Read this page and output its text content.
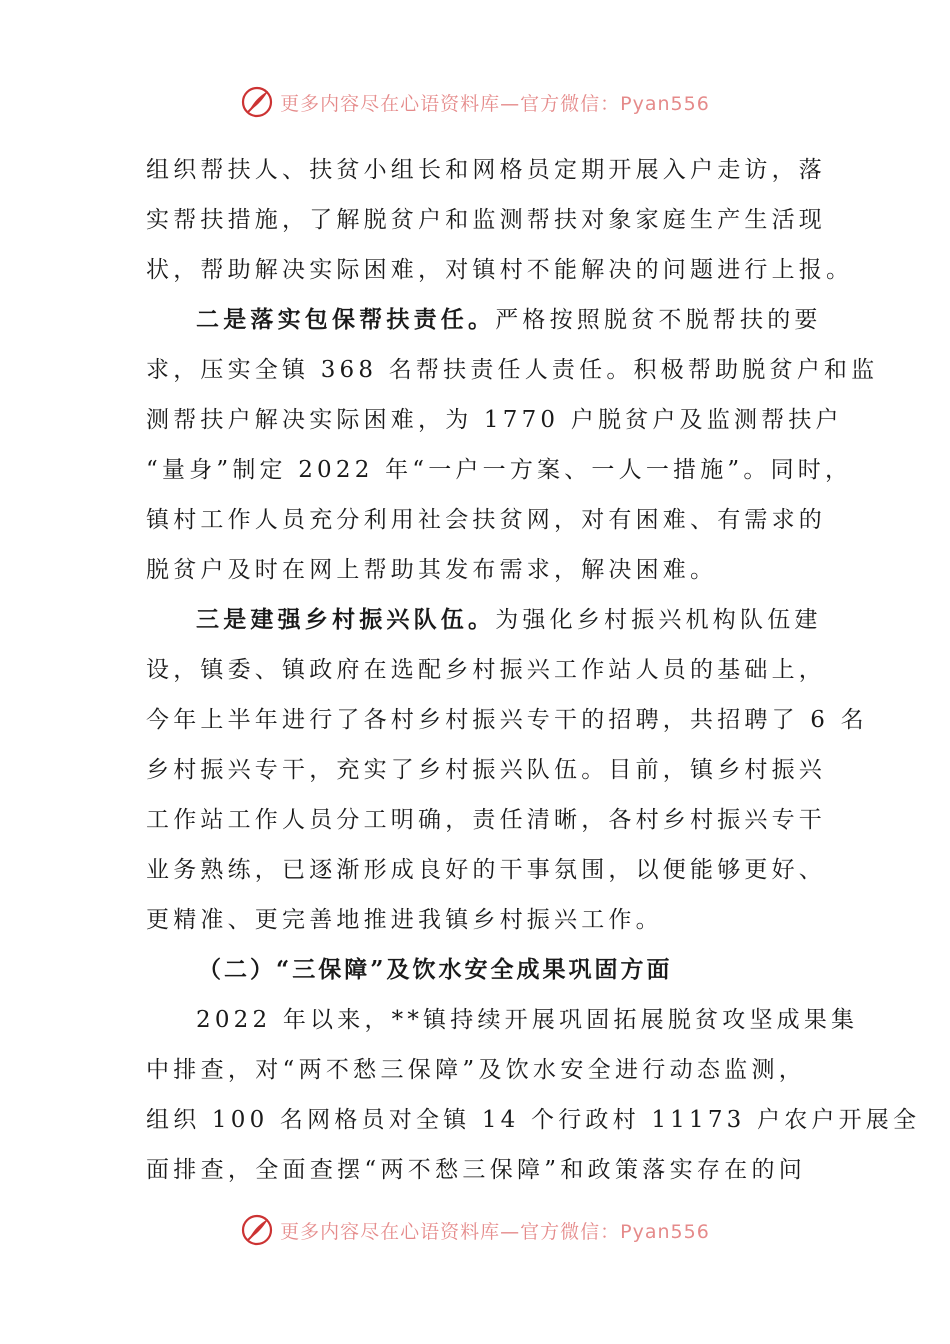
更多内容尽在心语资料库—官方微信：Pyan556
组织帮扶人、扶贫小组长和网格员定期开展入户走访，落
实帮扶措施，了解脱贫户和监测帮扶对象家庭生产生活现
状，帮助解决实际困难，对镇村不能解决的问题进行上报。
二是落实包保帮扶责任。严格按照脱贫不脱帮扶的要
求，压实全镇 368 名帮扶责任人责任。积极帮助脱贫户和监
测帮扶户解决实际困难，为 1770 户脱贫户及监测帮扶户
“量身”制定 2022 年“一户一方案、一人一措施”。同时，
镇村工作人员充分利用社会扶贫网，对有困难、有需求的
脱贫户及时在网上帮助其发布需求，解决困难。
三是建强乡村振兴队伍。为强化乡村振兴机构队伍建
设，镇委、镇政府在选配乡村振兴工作站人员的基础上，
今年上半年进行了各村乡村振兴专干的招聘，共招聘了 6 名
乡村振兴专干，充实了乡村振兴队伍。目前，镇乡村振兴
工作站工作人员分工明确，责任清晰，各村乡村振兴专干
业务熟练，已逐渐形成良好的干事氛围，以便能够更好、
更精准、更完善地推进我镇乡村振兴工作。
（二）“三保障”及饮水安全成果巩固方面
2022 年以来，**镇持续开展巩固拓展脱贫攻坚成果集
中排查，对“两不愁三保障”及饮水安全进行动态监测，
组织 100 名网格员对全镇 14 个行政村 11173 户农户开展全
面排查，全面查摆“两不愁三保障”和政策落实存在的问
更多内容尽在心语资料库—官方微信：Pyan556
